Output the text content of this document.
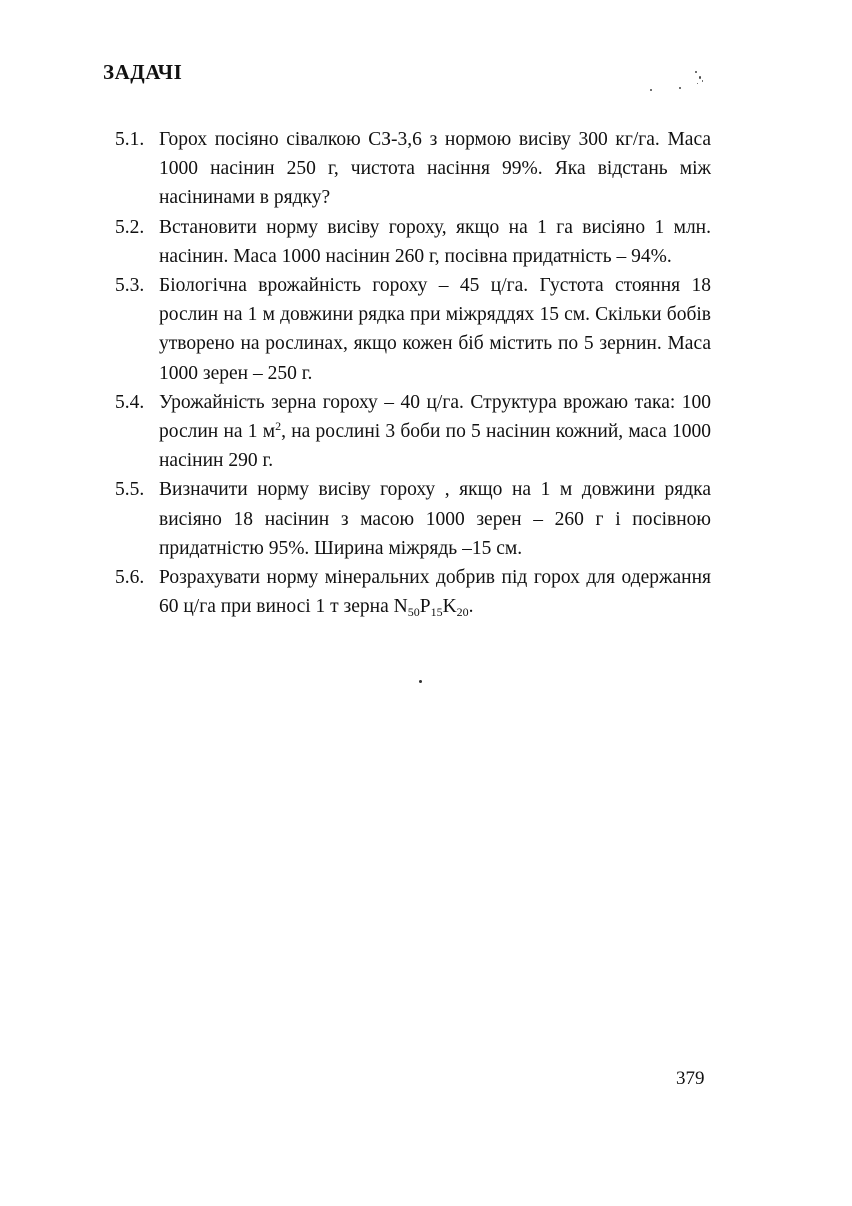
ЗАДАЧІ
5.1. Горох посіяно сівалкою СЗ-3,6 з нормою висіву 300 кг/га. Маса 1000 насінин 250 г, чистота насіння 99%. Яка відстань між насінинами в рядку?
5.2. Встановити норму висіву гороху, якщо на 1 га висіяно 1 млн. насінин. Маса 1000 насінин 260 г, посівна придатність – 94%.
5.3. Біологічна врожайність гороху – 45 ц/га. Густота стояння 18 рослин на 1 м довжини рядка при міжряддях 15 см. Скільки бобів утворено на рослинах, якщо кожен біб містить по 5 зернин. Маса 1000 зерен – 250 г.
5.4. Урожайність зерна гороху – 40 ц/га. Структура врожаю така: 100 рослин на 1 $м^2$, на рослині 3 боби по 5 насінин кожний, маса 1000 насінин 290 г.
5.5. Визначити норму висіву гороху , якщо на 1 м довжини рядка висіяно 18 насінин з масою 1000 зерен – 260 г і посівною придатністю 95%. Ширина міжрядь –15 см.
5.6. Розрахувати норму мінеральних добрив під горох для одержання 60 ц/га при виносі 1 т зерна $N_{50}P_{15}K_{20}$.
379
